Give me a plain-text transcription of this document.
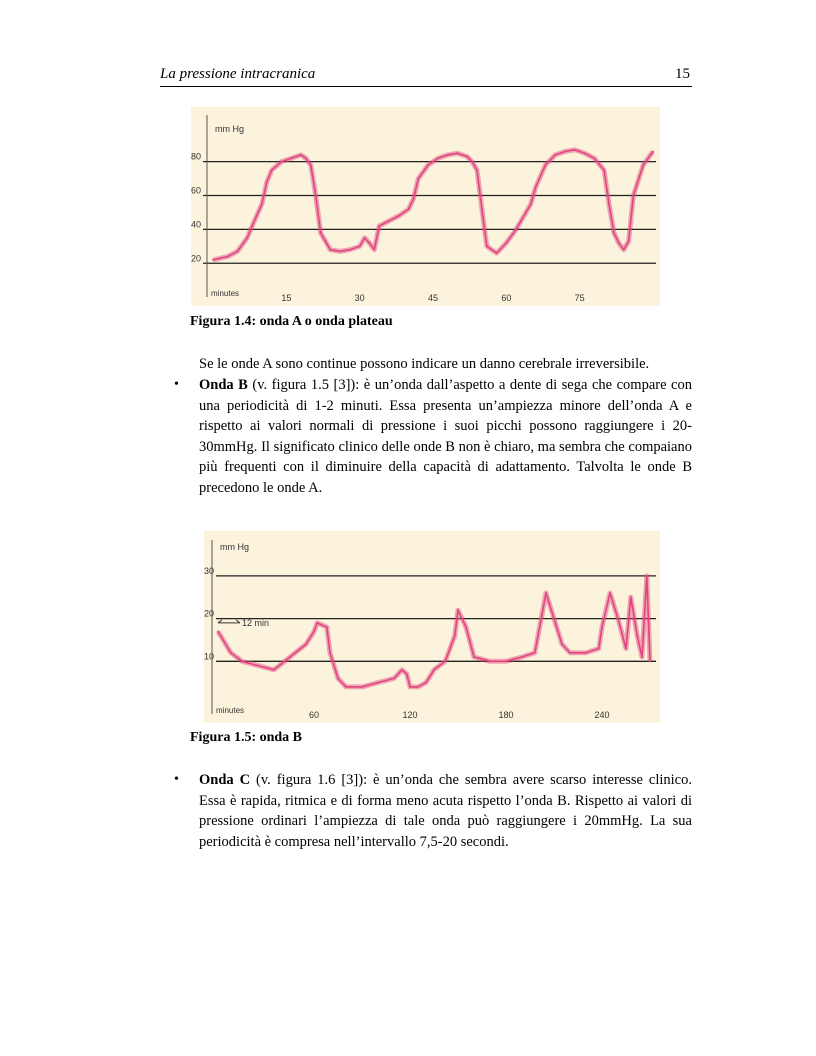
La pressione intracranica	15
20
40
60
80
mm Hg
15	30	45	60	75
minutes
Figura 1.4: onda A o onda plateau
Se le onde A sono continue possono indicare un danno cerebrale irreversibile.
• Onda B (v. figura 1.5 [3]): è un’onda dall’aspetto a dente di sega che compare con una periodicità di 1-2 minuti. Essa presenta un’ampiezza minore dell’onda A e rispetto ai valori normali di pressione i suoi picchi possono raggiungere i 20-30mmHg. Il significato clinico delle onde B non è chiaro, ma sembra che compaiano più frequenti con il diminuire della capacità di adattamento. Talvolta le onde B precedono le onde A.
10
20
30
mm Hg
60	120	180	240
minutes
12 min
Figura 1.5: onda B
• Onda C (v. figura 1.6 [3]): è un’onda che sembra avere scarso interesse clinico. Essa è rapida, ritmica e di forma meno acuta rispetto l’onda B. Rispetto ai valori di pressione ordinari l’ampiezza di tale onda può raggiungere i 20mmHg. La sua periodicità è compresa nell’intervallo 7,5-20 secondi.
